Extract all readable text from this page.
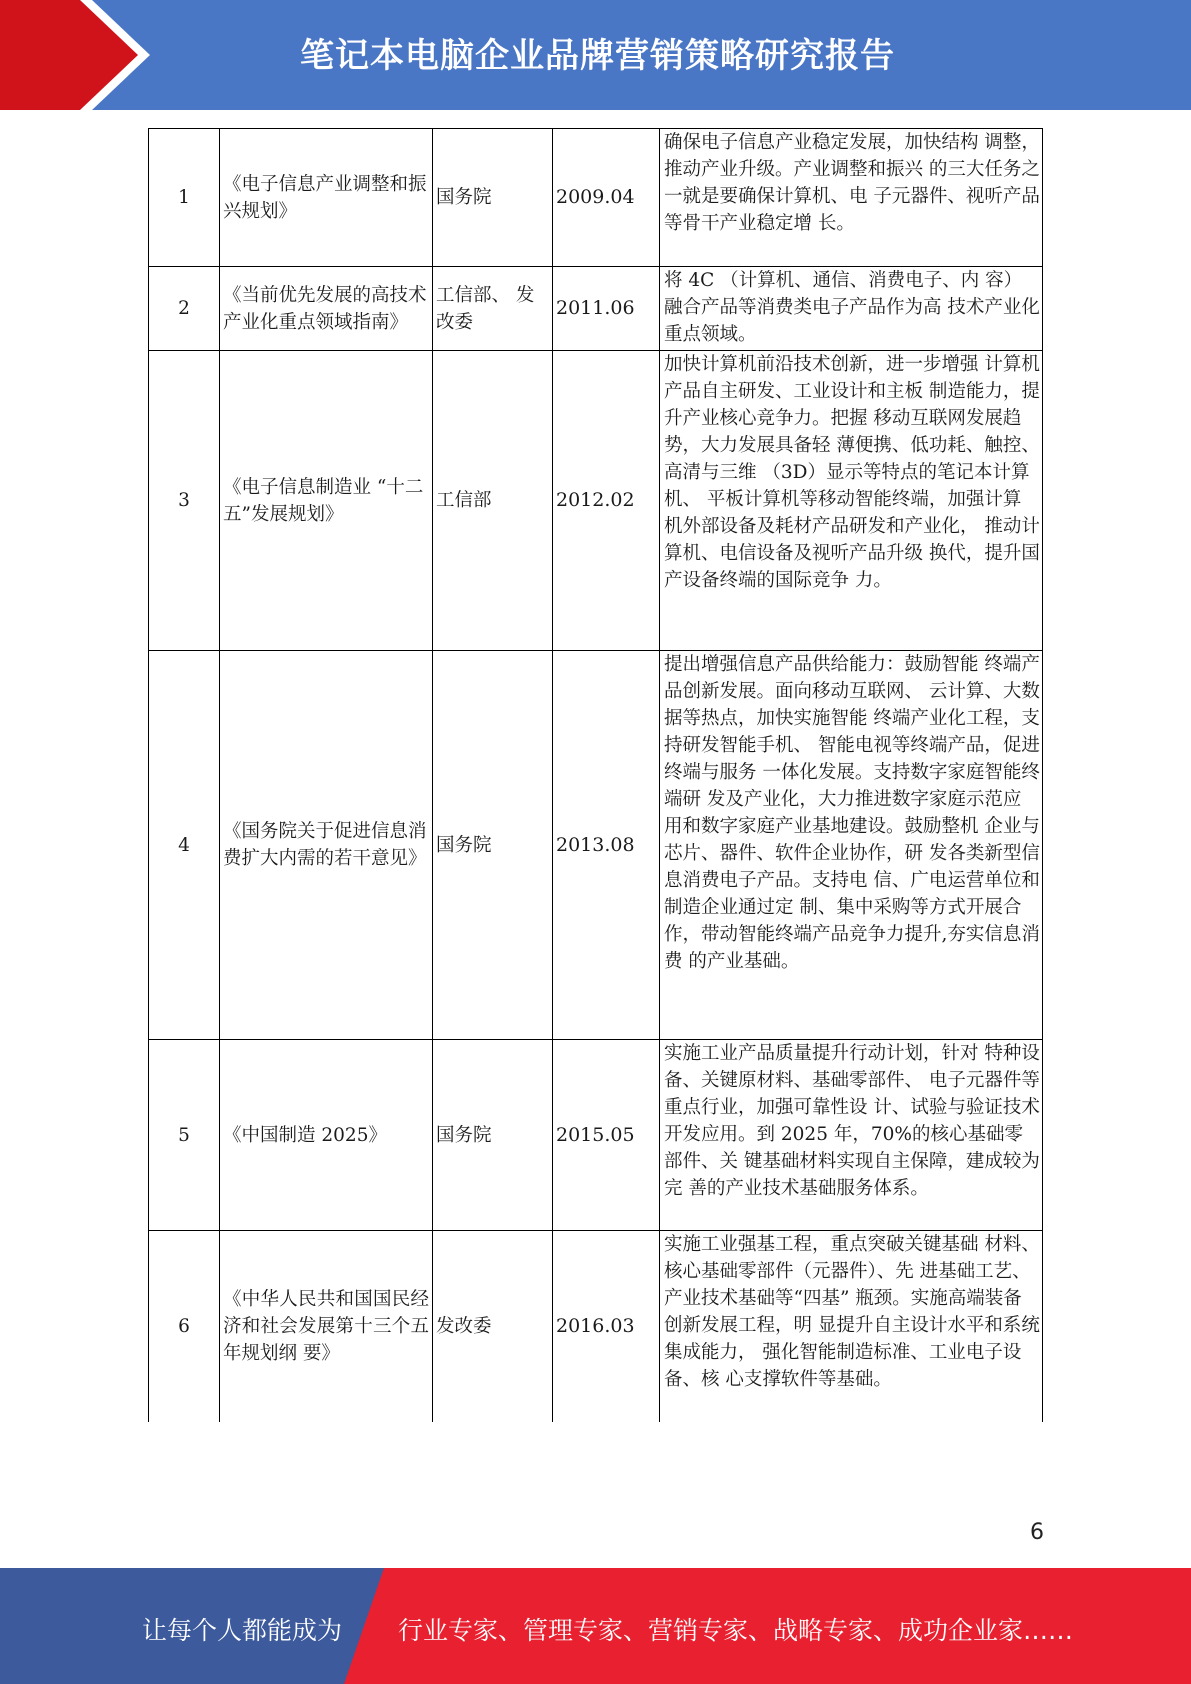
笔记本电脑企业品牌营销策略研究报告
1	《电子信息产业调整和振兴规划》	国务院	2009.04	确保电子信息产业稳定发展，加快结构 调整，推动产业升级。产业调整和振兴 的三大任务之一就是要确保计算机、电 子元器件、视听产品等骨干产业稳定增 长。
2	《当前优先发展的高技术产业化重点领域指南》	工信部、 发改委	2011.06	将 4C （计算机、通信、消费电子、内 容）融合产品等消费类电子产品作为高 技术产业化重点领域。
3	《电子信息制造业 “十二五”发展规划》	工信部	2012.02	加快计算机前沿技术创新，进一步增强 计算机产品自主研发、工业设计和主板 制造能力，提升产业核心竞争力。把握 移动互联网发展趋势，大力发展具备轻 薄便携、低功耗、触控、高清与三维 （3D）显示等特点的笔记本计算机、 平板计算机等移动智能终端，加强计算 机外部设备及耗材产品研发和产业化， 推动计算机、电信设备及视听产品升级 换代，提升国产设备终端的国际竞争 力。
4	《国务院关于促进信息消费扩大内需的若干意见》	国务院	2013.08	提出增强信息产品供给能力：鼓励智能 终端产品创新发展。面向移动互联网、 云计算、大数据等热点，加快实施智能 终端产业化工程，支持研发智能手机、 智能电视等终端产品，促进终端与服务 一体化发展。支持数字家庭智能终端研 发及产业化，大力推进数字家庭示范应 用和数字家庭产业基地建设。鼓励整机 企业与芯片、器件、软件企业协作，研 发各类新型信息消费电子产品。支持电 信、广电运营单位和制造企业通过定 制、集中采购等方式开展合作，带动智能终端产品竞争力提升,夯实信息消费 的产业基础。
5	《中国制造 2025》	国务院	2015.05	实施工业产品质量提升行动计划，针对 特种设备、关键原材料、基础零部件、 电子元器件等重点行业，加强可靠性设 计、试验与验证技术开发应用。到 2025 年，70%的核心基础零部件、关 键基础材料实现自主保障，建成较为完 善的产业技术基础服务体系。
6	《中华人民共和国国民经济和社会发展第十三个五年规划纲 要》	发改委	2016.03	实施工业强基工程，重点突破关键基础 材料、核心基础零部件（元器件）、先 进基础工艺、产业技术基础等“四基” 瓶颈。实施高端装备创新发展工程，明 显提升自主设计水平和系统集成能力， 强化智能制造标准、工业电子设备、核 心支撑软件等基础。
6
让每个人都能成为 行业专家、管理专家、营销专家、战略专家、成功企业家……
